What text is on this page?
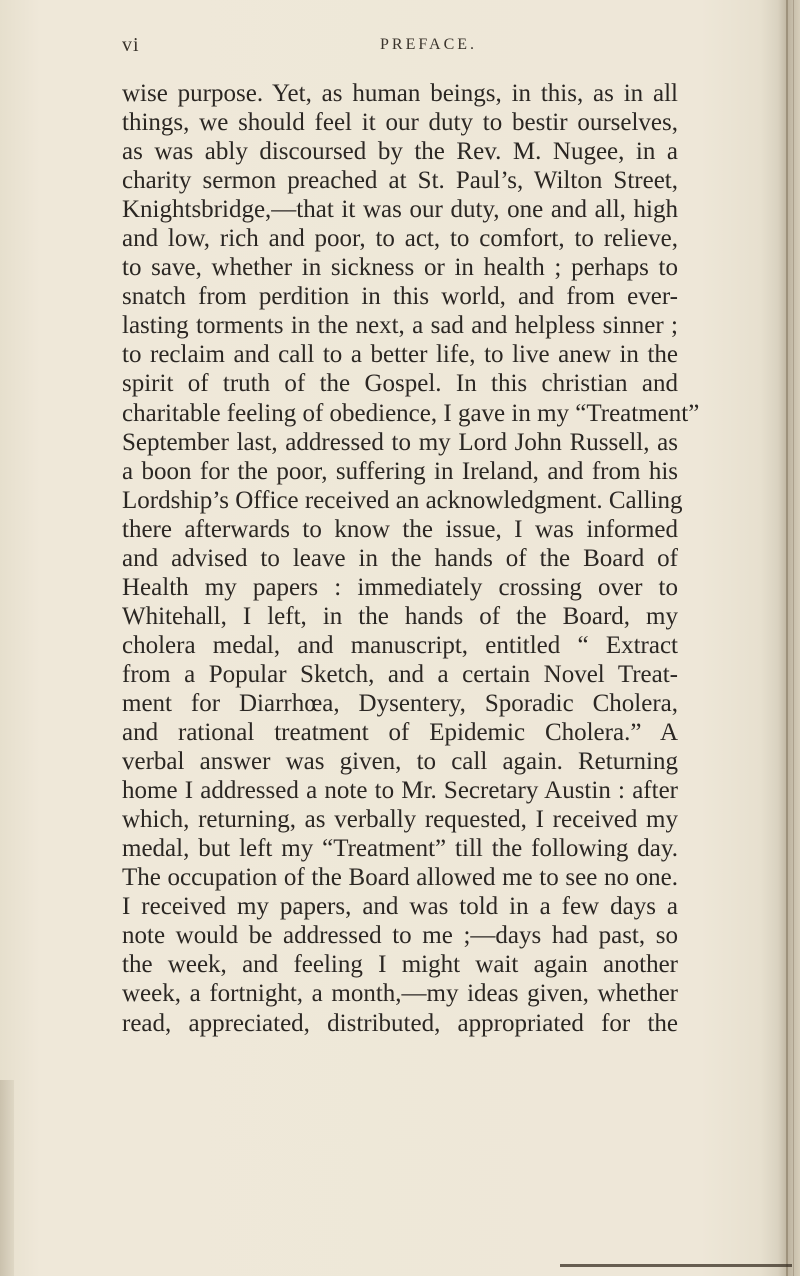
vi	PREFACE.
wise purpose. Yet, as human beings, in this, as in all
things, we should feel it our duty to bestir ourselves,
as was ably discoursed by the Rev. M. Nugee, in a
charity sermon preached at St. Paul’s, Wilton Street,
Knightsbridge,—that it was our duty, one and all, high
and low, rich and poor, to act, to comfort, to relieve,
to save, whether in sickness or in health ; perhaps to
snatch from perdition in this world, and from ever-
lasting torments in the next, a sad and helpless sinner ;
to reclaim and call to a better life, to live anew in the
spirit of truth of the Gospel. In this christian and
charitable feeling of obedience, I gave in my “Treatment”
September last, addressed to my Lord John Russell, as
a boon for the poor, suffering in Ireland, and from his
Lordship’s Office received an acknowledgment. Calling
there afterwards to know the issue, I was informed
and advised to leave in the hands of the Board of
Health my papers : immediately crossing over to
Whitehall, I left, in the hands of the Board, my
cholera medal, and manuscript, entitled “ Extract
from a Popular Sketch, and a certain Novel Treat-
ment for Diarrhœa, Dysentery, Sporadic Cholera,
and rational treatment of Epidemic Cholera.” A
verbal answer was given, to call again. Returning
home I addressed a note to Mr. Secretary Austin : after
which, returning, as verbally requested, I received my
medal, but left my “Treatment” till the following day.
The occupation of the Board allowed me to see no one.
I received my papers, and was told in a few days a
note would be addressed to me ;—days had past, so
the week, and feeling I might wait again another
week, a fortnight, a month,—my ideas given, whether
read, appreciated, distributed, appropriated for the
